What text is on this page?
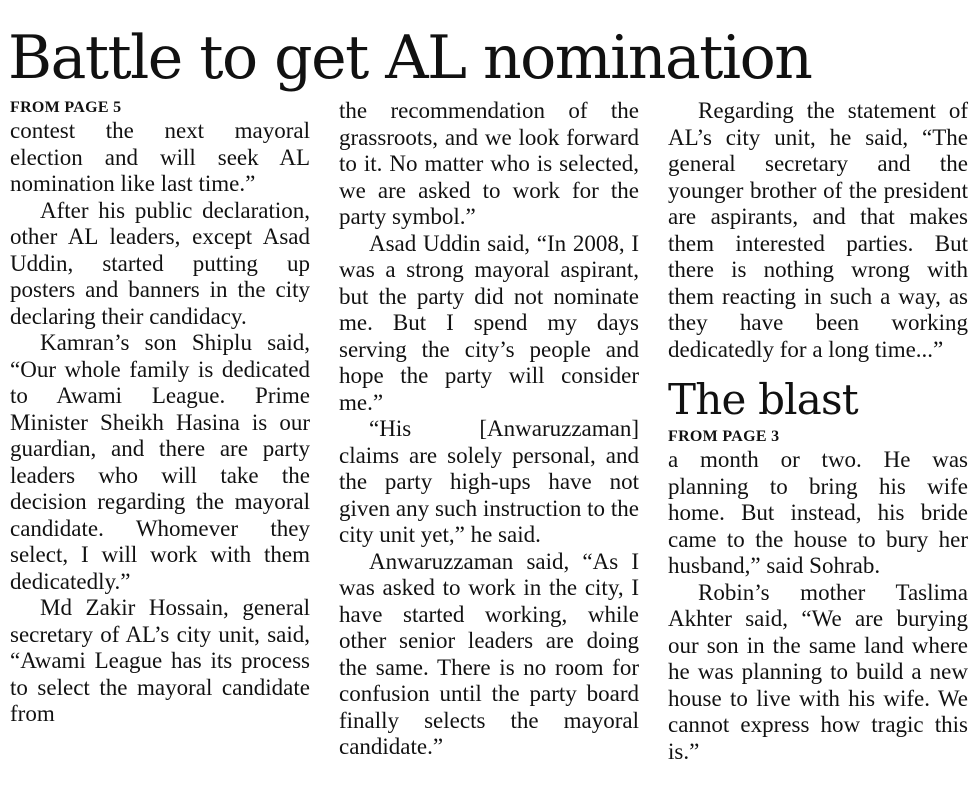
Battle to get AL nomination
FROM PAGE 5

contest the next mayoral election and will seek AL nomination like last time.”

After his public declaration, other AL leaders, except Asad Uddin, started putting up posters and banners in the city declaring their candidacy.

Kamran’s son Shiplu said, “Our whole family is dedicated to Awami League. Prime Minister Sheikh Hasina is our guardian, and there are party leaders who will take the decision regarding the mayoral candidate. Whomever they select, I will work with them dedicatedly.”

Md Zakir Hossain, general secretary of AL’s city unit, said, “Awami League has its process to select the mayoral candidate from

the recommendation of the grassroots, and we look forward to it. No matter who is selected, we are asked to work for the party symbol.”

Asad Uddin said, “In 2008, I was a strong mayoral aspirant, but the party did not nominate me. But I spend my days serving the city’s people and hope the party will consider me.”

“His [Anwaruzzaman] claims are solely personal, and the party high-ups have not given any such instruction to the city unit yet,” he said.

Anwaruzzaman said, “As I was asked to work in the city, I have started working, while other senior leaders are doing the same. There is no room for confusion until the party board finally selects the mayoral candidate.”

Regarding the statement of AL’s city unit, he said, “The general secretary and the younger brother of the president are aspirants, and that makes them interested parties. But there is nothing wrong with them reacting in such a way, as they have been working dedicatedly for a long time...”

The blast
FROM PAGE 3

a month or two. He was planning to bring his wife home. But instead, his bride came to the house to bury her husband,” said Sohrab.

Robin’s mother Taslima Akhter said, “We are burying our son in the same land where he was planning to build a new house to live with his wife. We cannot express how tragic this is.”
